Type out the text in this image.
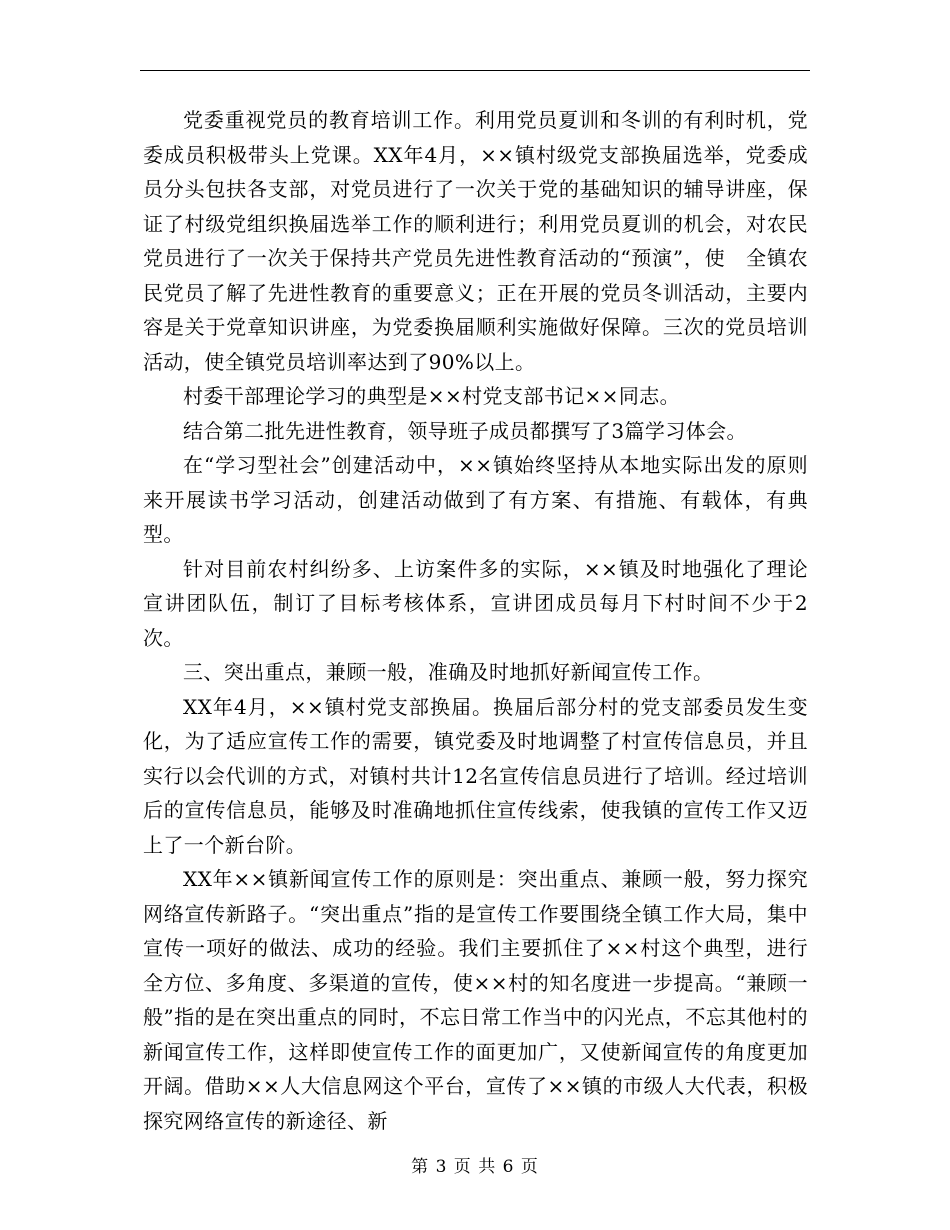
党委重视党员的教育培训工作。利用党员夏训和冬训的有利时机，党委成员积极带头上党课。XX年4月，××镇村级党支部换届选举，党委成员分头包扶各支部，对党员进行了一次关于党的基础知识的辅导讲座，保证了村级党组织换届选举工作的顺利进行；利用党员夏训的机会，对农民党员进行了一次关于保持共产党员先进性教育活动的“预演”，使　全镇农民党员了解了先进性教育的重要意义；正在开展的党员冬训活动，主要内容是关于党章知识讲座，为党委换届顺利实施做好保障。三次的党员培训活动，使全镇党员培训率达到了90%以上。

村委干部理论学习的典型是××村党支部书记××同志。

结合第二批先进性教育，领导班子成员都撰写了3篇学习体会。

在“学习型社会”创建活动中，××镇始终坚持从本地实际出发的原则来开展读书学习活动，创建活动做到了有方案、有措施、有载体，有典型。

针对目前农村纠纷多、上访案件多的实际，××镇及时地强化了理论宣讲团队伍，制订了目标考核体系，宣讲团成员每月下村时间不少于2次。

三、突出重点，兼顾一般，准确及时地抓好新闻宣传工作。

XX年4月，××镇村党支部换届。换届后部分村的党支部委员发生变化，为了适应宣传工作的需要，镇党委及时地调整了村宣传信息员，并且实行以会代训的方式，对镇村共计12名宣传信息员进行了培训。经过培训后的宣传信息员，能够及时准确地抓住宣传线索，使我镇的宣传工作又迈上了一个新台阶。

XX年××镇新闻宣传工作的原则是：突出重点、兼顾一般，努力探究网络宣传新路子。“突出重点”指的是宣传工作要围绕全镇工作大局，集中宣传一项好的做法、成功的经验。我们主要抓住了××村这个典型，进行全方位、多角度、多渠道的宣传，使××村的知名度进一步提高。“兼顾一般”指的是在突出重点的同时，不忘日常工作当中的闪光点，不忘其他村的新闻宣传工作，这样即使宣传工作的面更加广，又使新闻宣传的角度更加开阔。借助××人大信息网这个平台，宣传了××镇的市级人大代表，积极探究网络宣传的新途径、新

第 3 页 共 6 页
